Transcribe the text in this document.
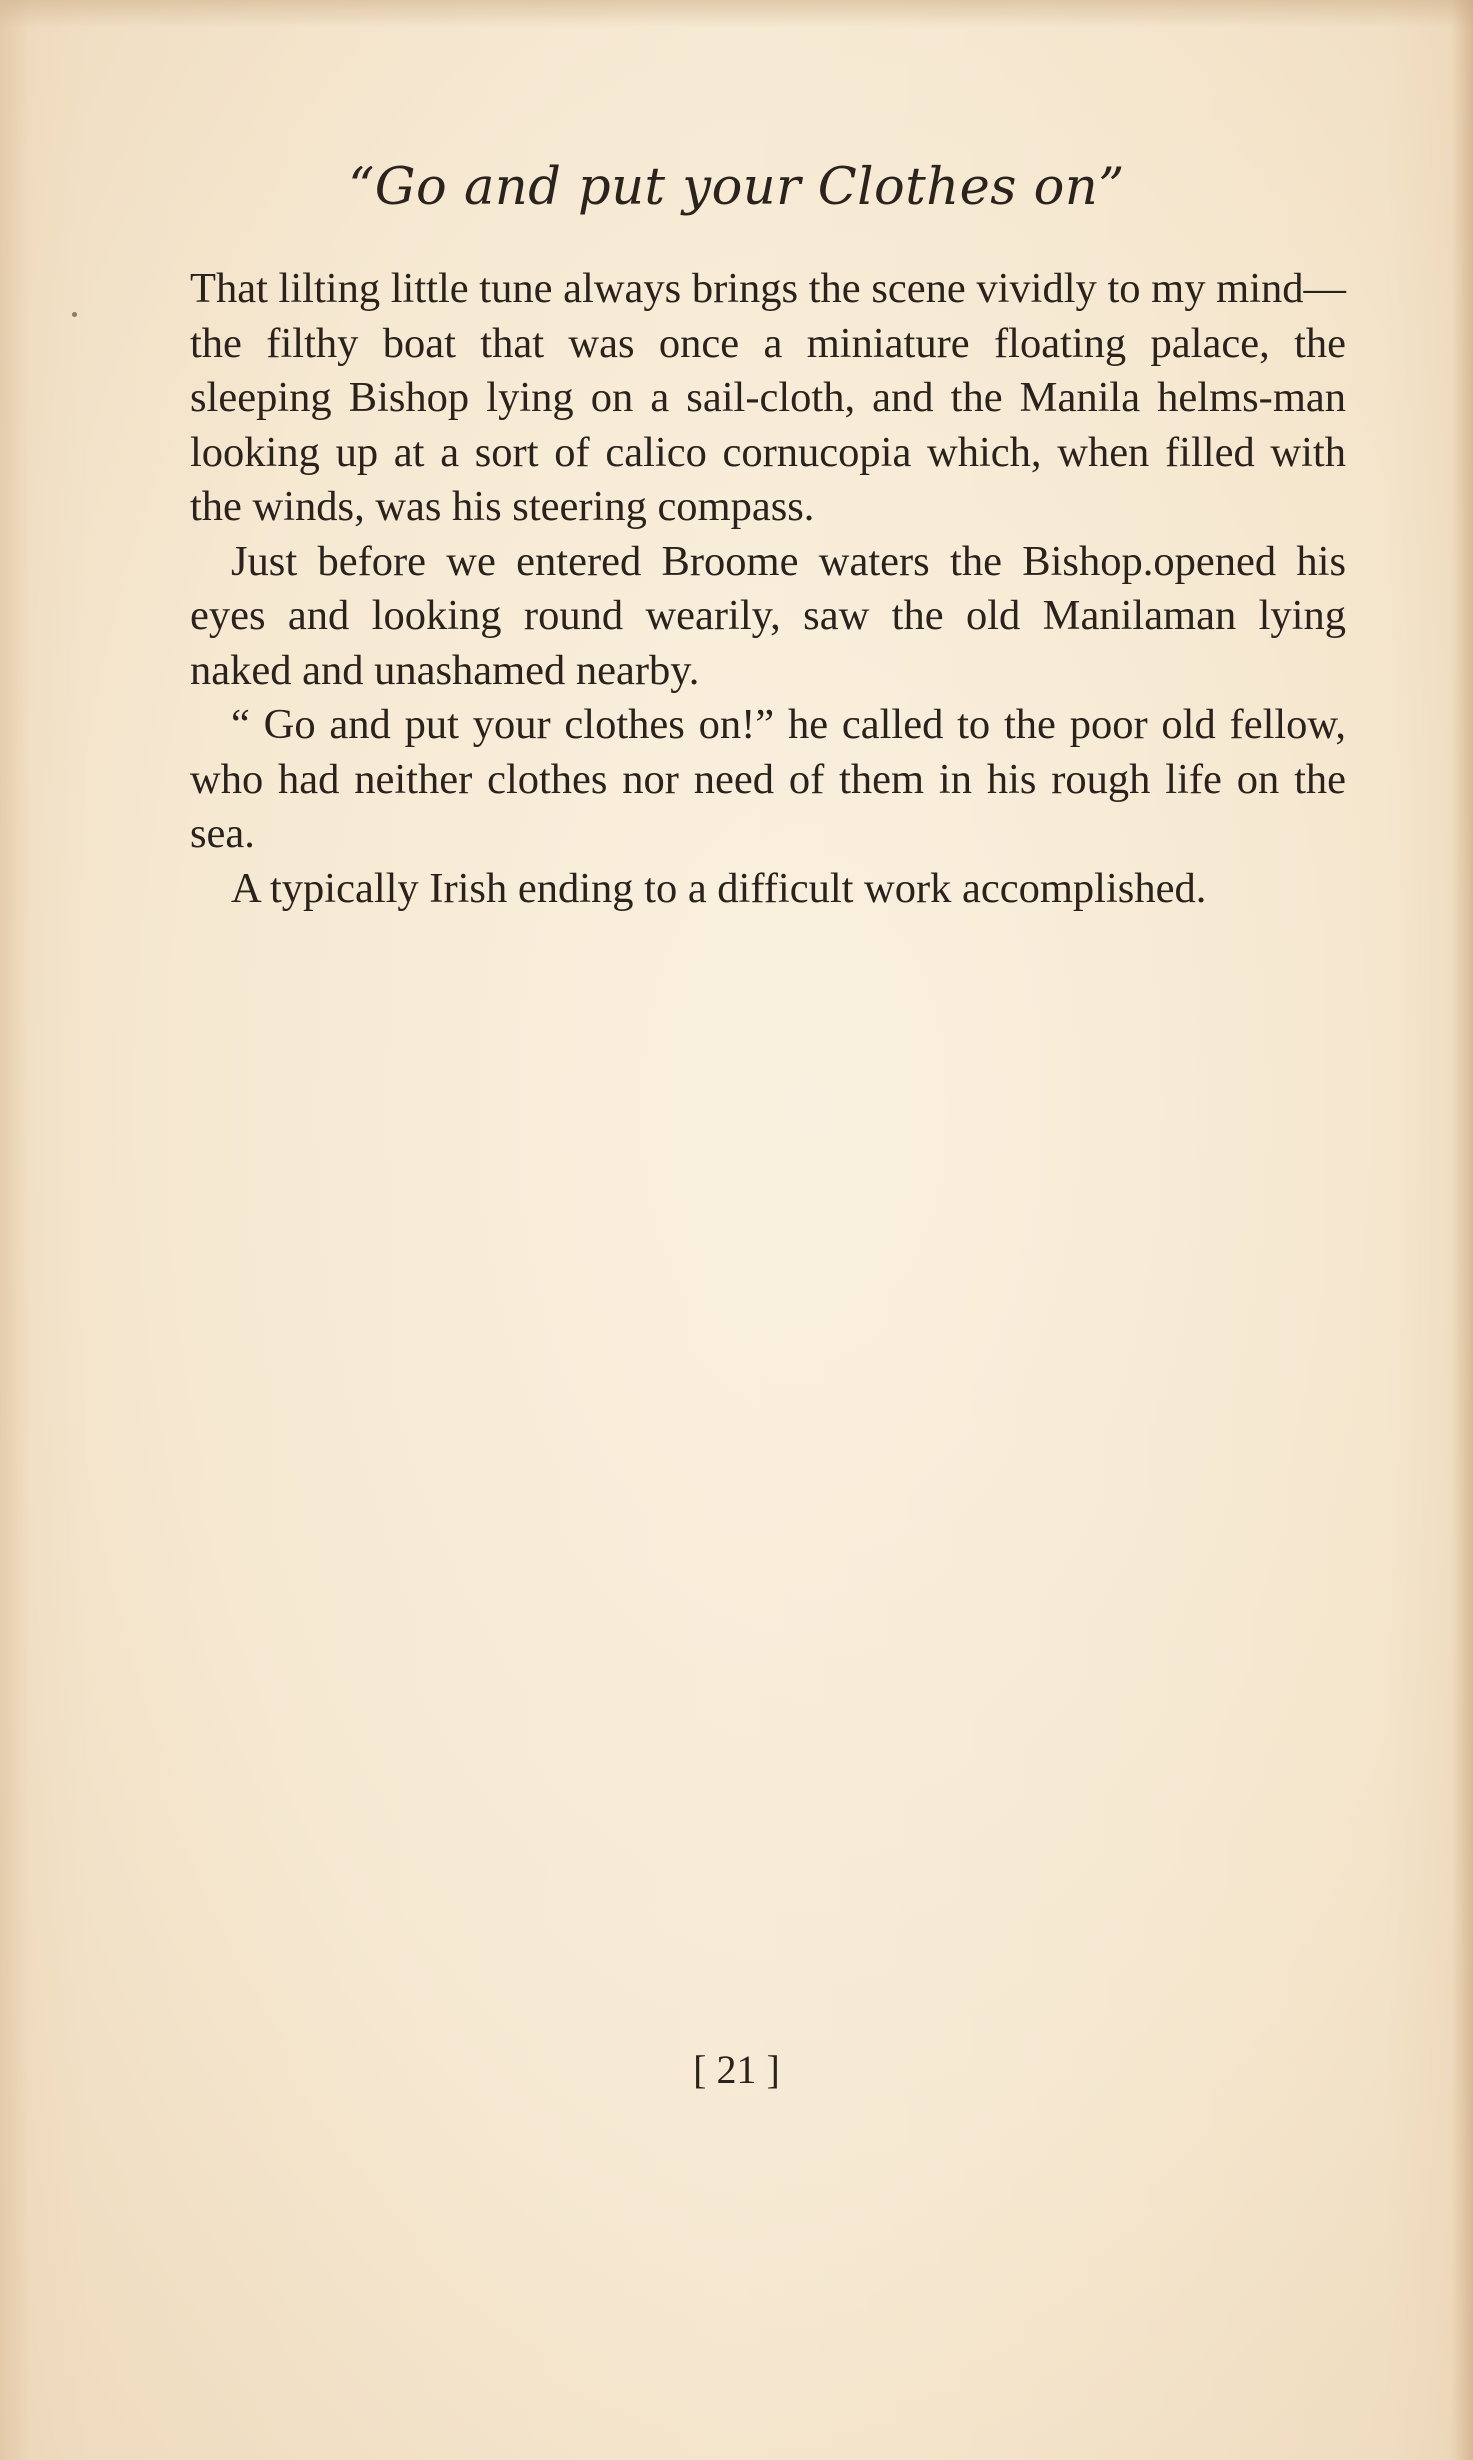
“Go and put your Clothes on”

That lilting little tune always brings the scene vividly to my mind—the filthy boat that was once a miniature floating palace, the sleeping Bishop lying on a sail-cloth, and the Manila helms-man looking up at a sort of calico cornucopia which, when filled with the winds, was his steering compass.

Just before we entered Broome waters the Bishop.opened his eyes and looking round wearily, saw the old Manilaman lying naked and unashamed nearby.

“ Go and put your clothes on!” he called to the poor old fellow, who had neither clothes nor need of them in his rough life on the sea.

A typically Irish ending to a difficult work accomplished.

[ 21 ]
